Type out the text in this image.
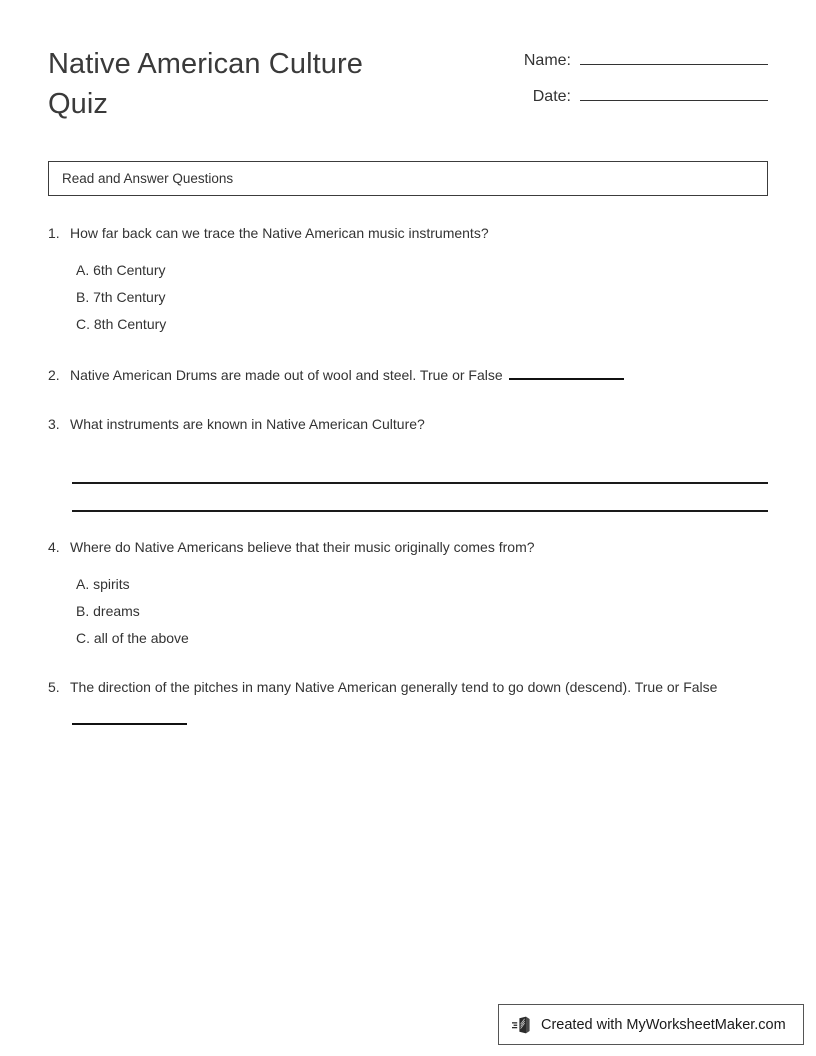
Native American Culture Quiz
Name:
Date:
Read and Answer Questions
1. How far back can we trace the Native American music instruments?
A. 6th Century
B. 7th Century
C. 8th Century
2. Native American Drums are made out of wool and steel. True or False
3. What instruments are known in Native American Culture?
4. Where do Native Americans believe that their music originally comes from?
A. spirits
B. dreams
C. all of the above
5. The direction of the pitches in many Native American generally tend to go down (descend). True or False
Created with MyWorksheetMaker.com
